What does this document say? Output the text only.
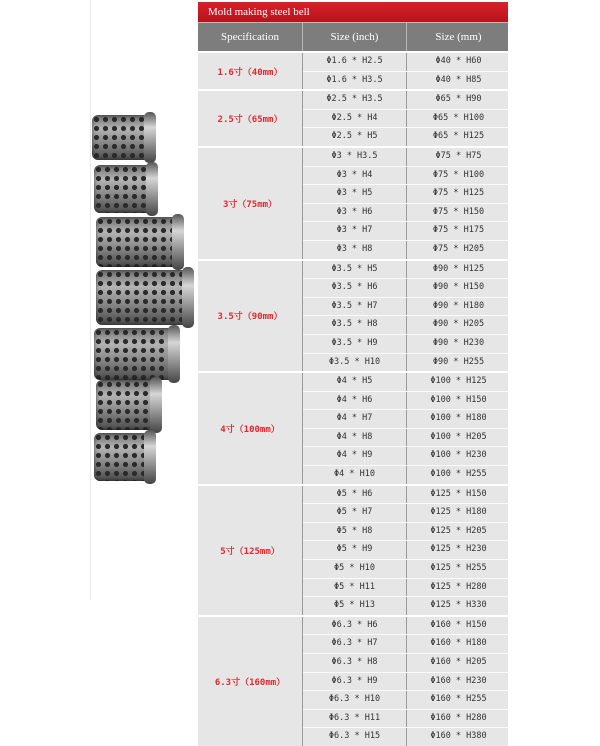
Mold making steel bell
Specification	Size (inch)	Size (mm)
1.6寸（40mm）
Φ1.6 * H2.5	Φ40 * H60
Φ1.6 * H3.5	Φ40 * H85
2.5寸（65mm）
Φ2.5 * H3.5	Φ65 * H90
Φ2.5 * H4	Φ65 * H100
Φ2.5 * H5	Φ65 * H125
3寸（75mm）
Φ3 * H3.5	Φ75 * H75
Φ3 * H4	Φ75 * H100
Φ3 * H5	Φ75 * H125
Φ3 * H6	Φ75 * H150
Φ3 * H7	Φ75 * H175
Φ3 * H8	Φ75 * H205
3.5寸（90mm）
Φ3.5 * H5	Φ90 * H125
Φ3.5 * H6	Φ90 * H150
Φ3.5 * H7	Φ90 * H180
Φ3.5 * H8	Φ90 * H205
Φ3.5 * H9	Φ90 * H230
Φ3.5 * H10	Φ90 * H255
4寸（100mm）
Φ4 * H5	Φ100 * H125
Φ4 * H6	Φ100 * H150
Φ4 * H7	Φ100 * H180
Φ4 * H8	Φ100 * H205
Φ4 * H9	Φ100 * H230
Φ4 * H10	Φ100 * H255
5寸（125mm）
Φ5 * H6	Φ125 * H150
Φ5 * H7	Φ125 * H180
Φ5 * H8	Φ125 * H205
Φ5 * H9	Φ125 * H230
Φ5 * H10	Φ125 * H255
Φ5 * H11	Φ125 * H280
Φ5 * H13	Φ125 * H330
6.3寸（160mm）
Φ6.3 * H6	Φ160 * H150
Φ6.3 * H7	Φ160 * H180
Φ6.3 * H8	Φ160 * H205
Φ6.3 * H9	Φ160 * H230
Φ6.3 * H10	Φ160 * H255
Φ6.3 * H11	Φ160 * H280
Φ6.3 * H15	Φ160 * H380
